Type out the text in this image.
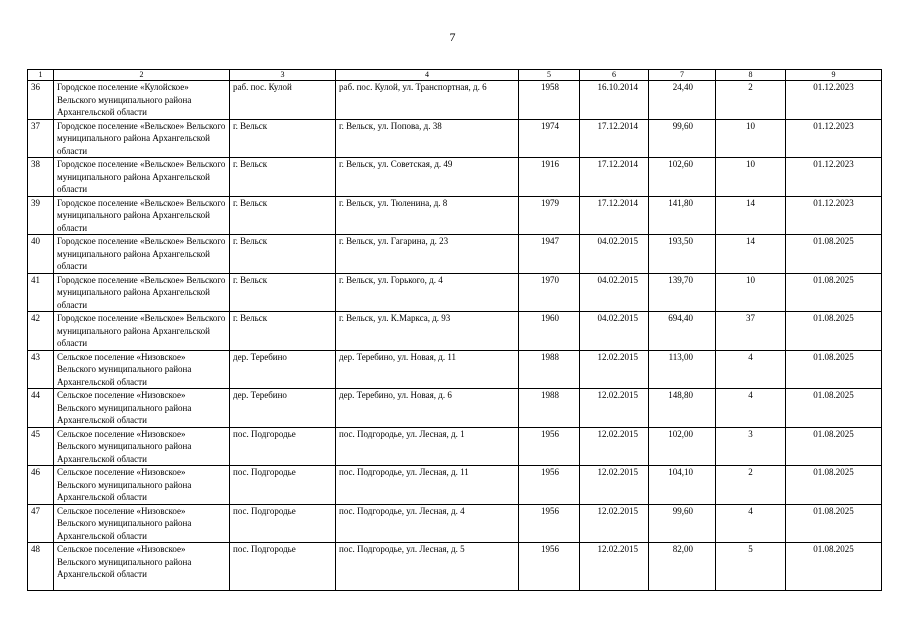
7
1	2	3	4	5	6	7	8	9
36	Городское поселение «Кулойское» Вельского муниципального района Архангельской области	раб. пос. Кулой	раб. пос. Кулой, ул. Транспортная, д. 6	1958	16.10.2014	24,40	2	01.12.2023
37	Городское поселение «Вельское» Вельского муниципального района Архангельской области	г. Вельск	г. Вельск, ул. Попова, д. 38	1974	17.12.2014	99,60	10	01.12.2023
38	Городское поселение «Вельское» Вельского муниципального района Архангельской области	г. Вельск	г. Вельск, ул. Советская, д. 49	1916	17.12.2014	102,60	10	01.12.2023
39	Городское поселение «Вельское» Вельского муниципального района Архангельской области	г. Вельск	г. Вельск, ул. Тюленина, д. 8	1979	17.12.2014	141,80	14	01.12.2023
40	Городское поселение «Вельское» Вельского муниципального района Архангельской области	г. Вельск	г. Вельск, ул. Гагарина, д. 23	1947	04.02.2015	193,50	14	01.08.2025
41	Городское поселение «Вельское» Вельского муниципального района Архангельской области	г. Вельск	г. Вельск, ул. Горького, д. 4	1970	04.02.2015	139,70	10	01.08.2025
42	Городское поселение «Вельское» Вельского муниципального района Архангельской области	г. Вельск	г. Вельск, ул. К.Маркса, д. 93	1960	04.02.2015	694,40	37	01.08.2025
43	Сельское поселение «Низовское» Вельского муниципального района Архангельской области	дер. Теребино	дер. Теребино, ул. Новая, д. 11	1988	12.02.2015	113,00	4	01.08.2025
44	Сельское поселение «Низовское» Вельского муниципального района Архангельской области	дер. Теребино	дер. Теребино, ул. Новая, д. 6	1988	12.02.2015	148,80	4	01.08.2025
45	Сельское поселение «Низовское» Вельского муниципального района Архангельской области	пос. Подгородье	пос. Подгородье, ул. Лесная, д. 1	1956	12.02.2015	102,00	3	01.08.2025
46	Сельское поселение «Низовское» Вельского муниципального района Архангельской области	пос. Подгородье	пос. Подгородье, ул. Лесная, д. 11	1956	12.02.2015	104,10	2	01.08.2025
47	Сельское поселение «Низовское» Вельского муниципального района Архангельской области	пос. Подгородье	пос. Подгородье, ул. Лесная, д. 4	1956	12.02.2015	99,60	4	01.08.2025
48	Сельское поселение «Низовское» Вельского муниципального района Архангельской области	пос. Подгородье	пос. Подгородье, ул. Лесная, д. 5	1956	12.02.2015	82,00	5	01.08.2025
